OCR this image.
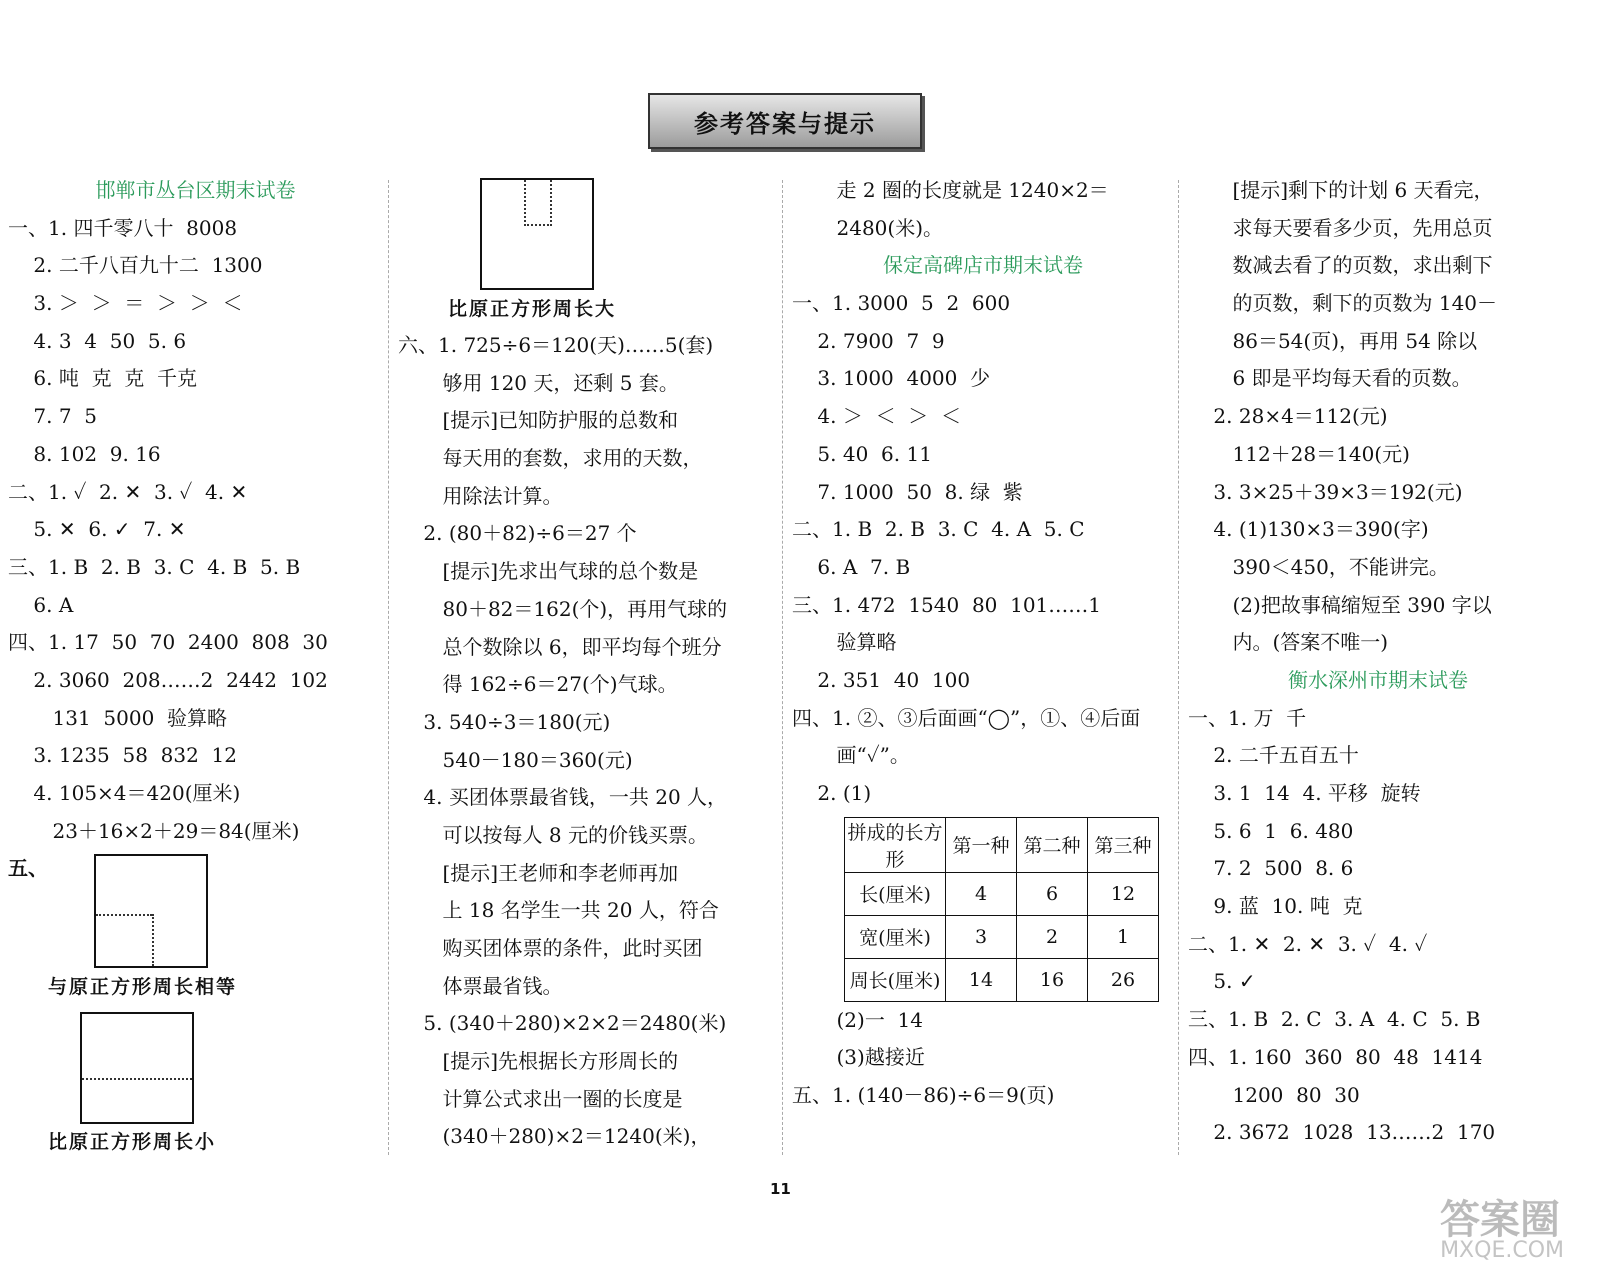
参考答案与提示
邯郸市丛台区期末试卷
一、1. 四千零八十  8008
2. 二千八百九十二  1300
3. ＞  ＞  ＝  ＞  ＞  ＜
4. 3  4  50  5. 6
6. 吨  克  克  千克
7. 7  5
8. 102  9. 16
二、1. ✓  2. ✕  3. ✓  4. ✕
5. ✕  6. ✓  7. ✕
三、1. B  2. B  3. C  4. B  5. B
6. A
四、1. 17  50  70  2400  808  30
2. 3060  208……2  2442  102
131  5000  验算略
3. 1235  58  832  12
4. 105×4＝420(厘米)
23＋16×2＋29＝84(厘米)
五、
与原正方形周长相等
比原正方形周长小
比原正方形周长大
六、1. 725÷6＝120(天)……5(套)
够用 120 天，还剩 5 套。
[提示]已知防护服的总数和
每天用的套数，求用的天数，
用除法计算。
2. (80＋82)÷6＝27 个
[提示]先求出气球的总个数是
80＋82＝162(个)，再用气球的
总个数除以 6，即平均每个班分
得 162÷6＝27(个)气球。
3. 540÷3＝180(元)
540－180＝360(元)
4. 买团体票最省钱，一共 20 人，
可以按每人 8 元的价钱买票。
[提示]王老师和李老师再加
上 18 名学生一共 20 人，符合
购买团体票的条件，此时买团
体票最省钱。
5. (340＋280)×2×2＝2480(米)
[提示]先根据长方形周长的
计算公式求出一圈的长度是
(340＋280)×2＝1240(米)，
走 2 圈的长度就是 1240×2＝
2480(米)。
保定高碑店市期末试卷
一、1. 3000  5  2  600
2. 7900  7  9
3. 1000  4000  少
4. ＞  ＜  ＞  ＜
5. 40  6. 11
7. 1000  50  8. 绿  紫
二、1. B  2. B  3. C  4. A  5. C
6. A  7. B
三、1. 472  1540  80  101……1
验算略
2. 351  40  100
四、1. ②、③后面画“◯”，①、④后面
画“✓”。
2. (1)
拼成的长方形	第一种	第二种	第三种
长(厘米)	4	6	12
宽(厘米)	3	2	1
周长(厘米)	14	16	26
(2)一  14
(3)越接近
五、1. (140－86)÷6＝9(页)
[提示]剩下的计划 6 天看完，
求每天要看多少页，先用总页
数减去看了的页数，求出剩下
的页数，剩下的页数为 140－
86＝54(页)，再用 54 除以
6 即是平均每天看的页数。
2. 28×4＝112(元)
112＋28＝140(元)
3. 3×25＋39×3＝192(元)
4. (1)130×3＝390(字)
390＜450，不能讲完。
(2)把故事稿缩短至 390 字以
内。(答案不唯一)
衡水深州市期末试卷
一、1. 万  千
2. 二千五百五十
3. 1  14  4. 平移  旋转
5. 6  1  6. 480
7. 2  500  8. 6
9. 蓝  10. 吨  克
二、1. ✕  2. ✕  3. ✓  4. ✓
5. ✓
三、1. B  2. C  3. A  4. C  5. B
四、1. 160  360  80  48  1414
1200  80  30
2. 3672  1028  13……2  170
11
答案圈
MXQE.COM
